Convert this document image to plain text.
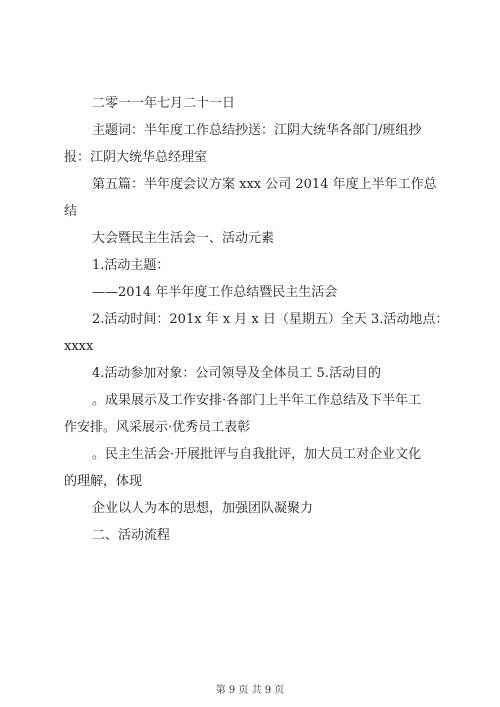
二零一一年七月二十一日
主题词：半年度工作总结抄送：江阴大统华各部门/班组抄
报：江阴大统华总经理室
第五篇：半年度会议方案 xxx 公司 2014 年度上半年工作总
结
大会暨民主生活会一、活动元素
1.活动主题：
——2014 年半年度工作总结暨民主生活会
2.活动时间：201x 年 x 月 x 日（星期五）全天 3.活动地点：
xxxx
4.活动参加对象：公司领导及全体员工 5.活动目的
。成果展示及工作安排·各部门上半年工作总结及下半年工
作安排。风采展示·优秀员工表彰
。民主生活会·开展批评与自我批评，加大员工对企业文化
的理解，体现
企业以人为本的思想，加强团队凝聚力
二、活动流程
第 9 页 共 9 页
